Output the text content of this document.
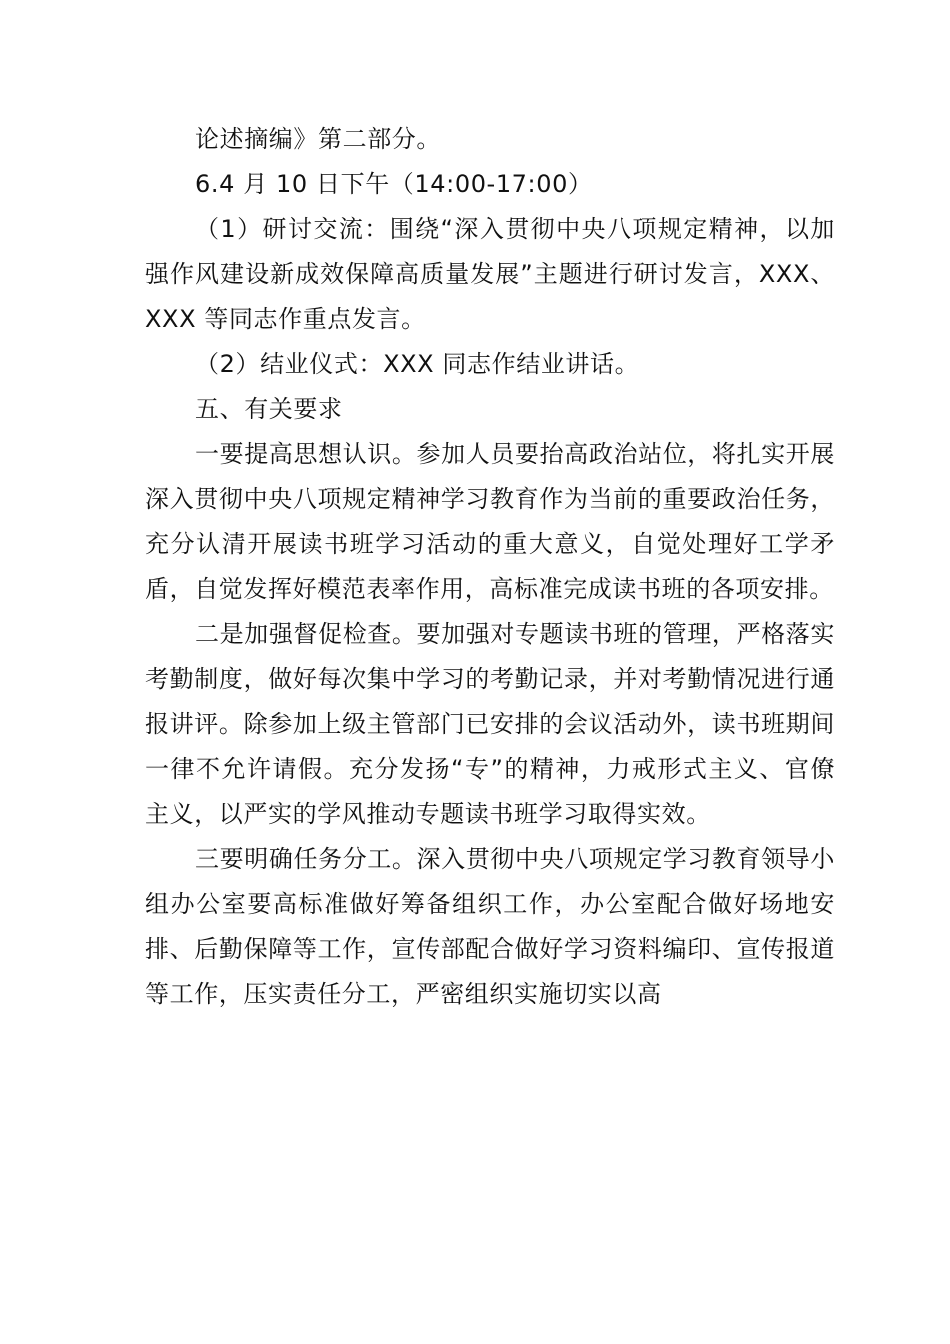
论述摘编》第二部分。

6.4 月 10 日下午（14:00-17:00）

（1）研讨交流：围绕“深入贯彻中央八项规定精神，以加强作风建设新成效保障高质量发展”主题进行研讨发言，XXX、XXX 等同志作重点发言。

（2）结业仪式：XXX 同志作结业讲话。

五、有关要求

一要提高思想认识。参加人员要抬高政治站位，将扎实开展深入贯彻中央八项规定精神学习教育作为当前的重要政治任务，充分认清开展读书班学习活动的重大意义，自觉处理好工学矛盾，自觉发挥好模范表率作用，高标准完成读书班的各项安排。

二是加强督促检查。要加强对专题读书班的管理，严格落实考勤制度，做好每次集中学习的考勤记录，并对考勤情况进行通报讲评。除参加上级主管部门已安排的会议活动外，读书班期间一律不允许请假。充分发扬“专”的精神，力戒形式主义、官僚主义，以严实的学风推动专题读书班学习取得实效。

三要明确任务分工。深入贯彻中央八项规定学习教育领导小组办公室要高标准做好筹备组织工作，办公室配合做好场地安排、后勤保障等工作，宣传部配合做好学习资料编印、宣传报道等工作，压实责任分工，严密组织实施切实以高
